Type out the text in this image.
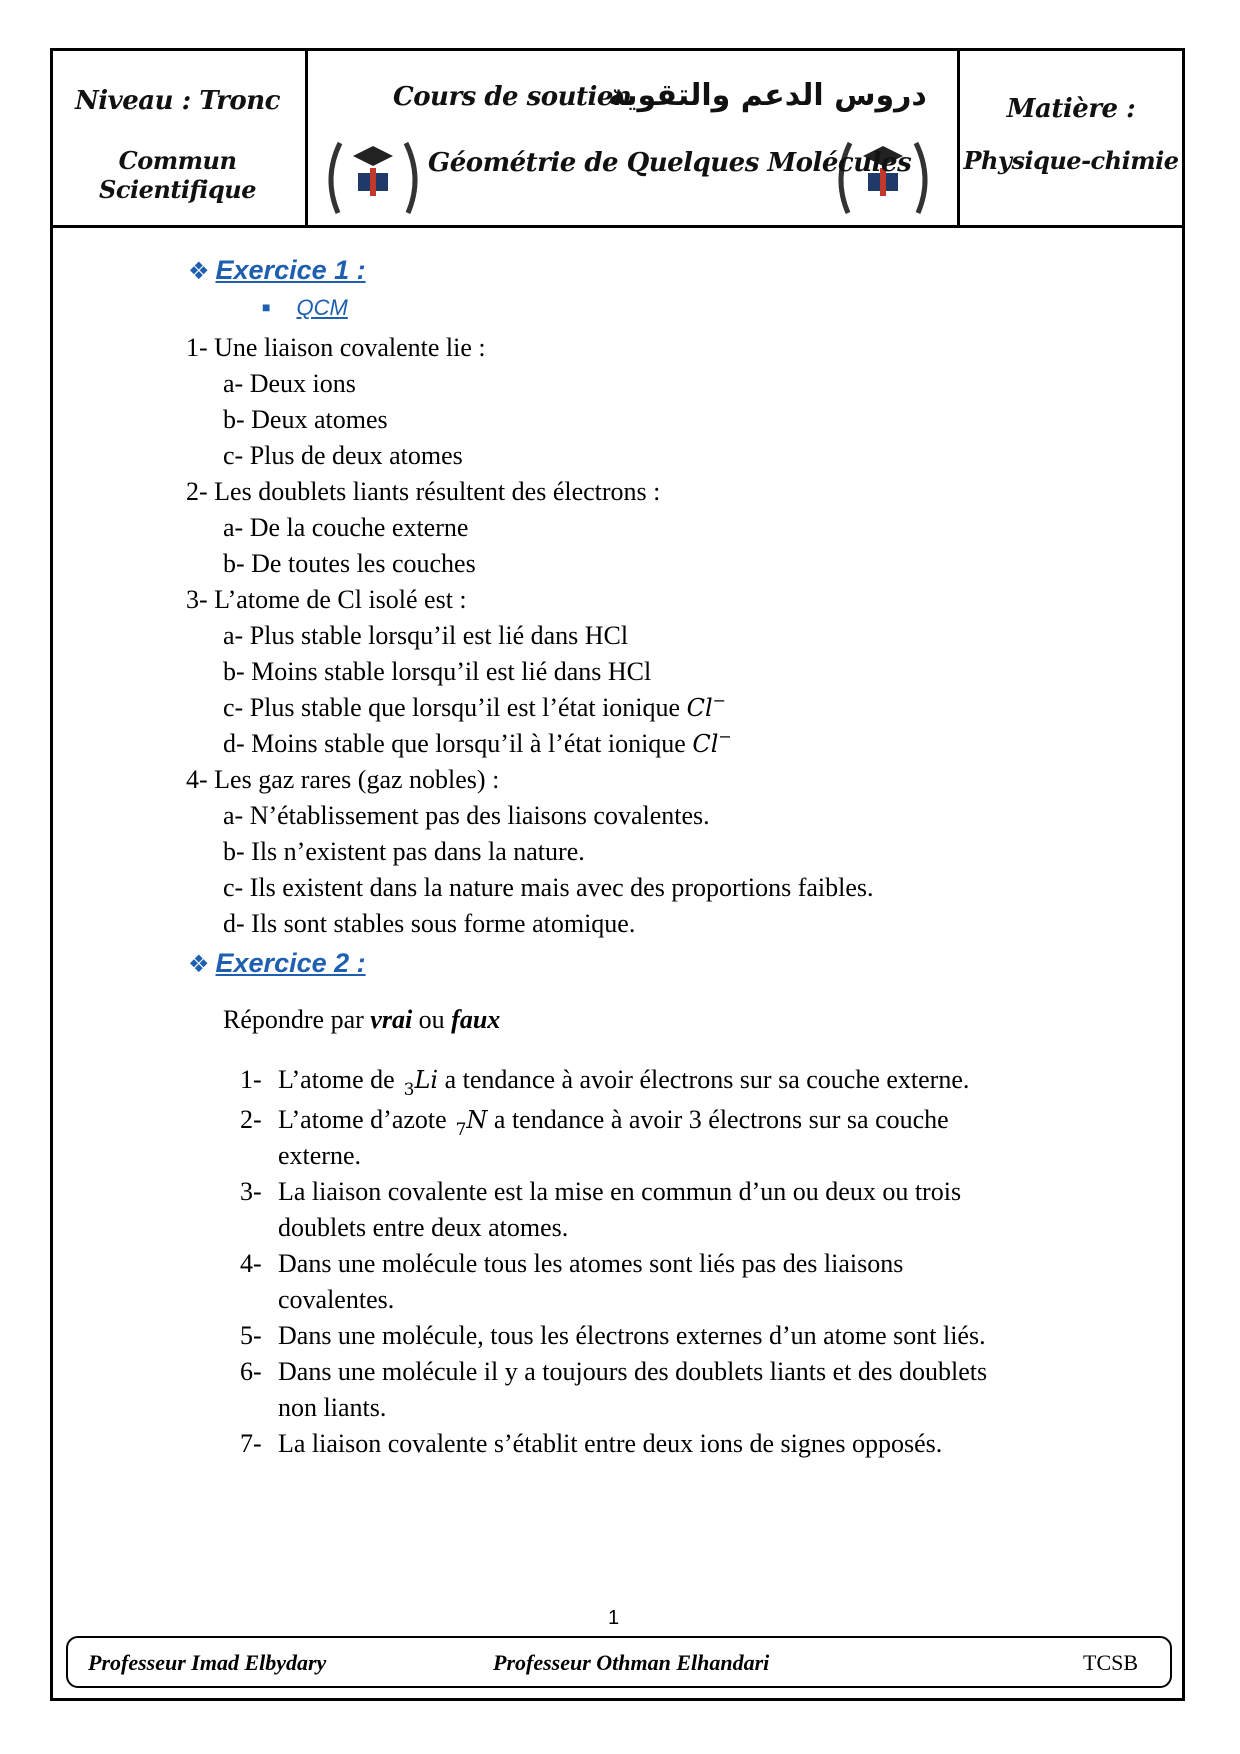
Niveau : Tronc
Commun Scientifique
Cours de soutien
دروس الدعم والتقوية
Géométrie de Quelques Molécules
Matière :
Physique-chimie
❖ Exercice 1 :
■ QCM
1- Une liaison covalente lie :
a- Deux ions
b- Deux atomes
c- Plus de deux atomes
2- Les doublets liants résultent des électrons :
a- De la couche externe
b- De toutes les couches
3- L’atome de Cl isolé est :
a- Plus stable lorsqu’il est lié dans HCl
b- Moins stable lorsqu’il est lié dans HCl
c- Plus stable que lorsqu’il est l’état ionique Cl−
d- Moins stable que lorsqu’il à l’état ionique Cl−
4- Les gaz rares (gaz nobles) :
a- N’établissement pas des liaisons covalentes.
b- Ils n’existent pas dans la nature.
c- Ils existent dans la nature mais avec des proportions faibles.
d- Ils sont stables sous forme atomique.
❖ Exercice 2 :
Répondre par vrai ou faux
1- L’atome de  $_3$Li a tendance à avoir électrons sur sa couche externe.
2- L’atome d’azote  $_7$N a tendance à avoir 3 électrons sur sa couche
externe.
3- La liaison covalente est la mise en commun d’un ou deux ou trois
doublets entre deux atomes.
4- Dans une molécule tous les atomes sont liés pas des liaisons
covalentes.
5- Dans une molécule, tous les électrons externes d’un atome sont liés.
6- Dans une molécule il y a toujours des doublets liants et des doublets
non liants.
7- La liaison covalente s’établit entre deux ions de signes opposés.
1
Professeur Imad Elbydary	Professeur Othman Elhandari	TCSB
